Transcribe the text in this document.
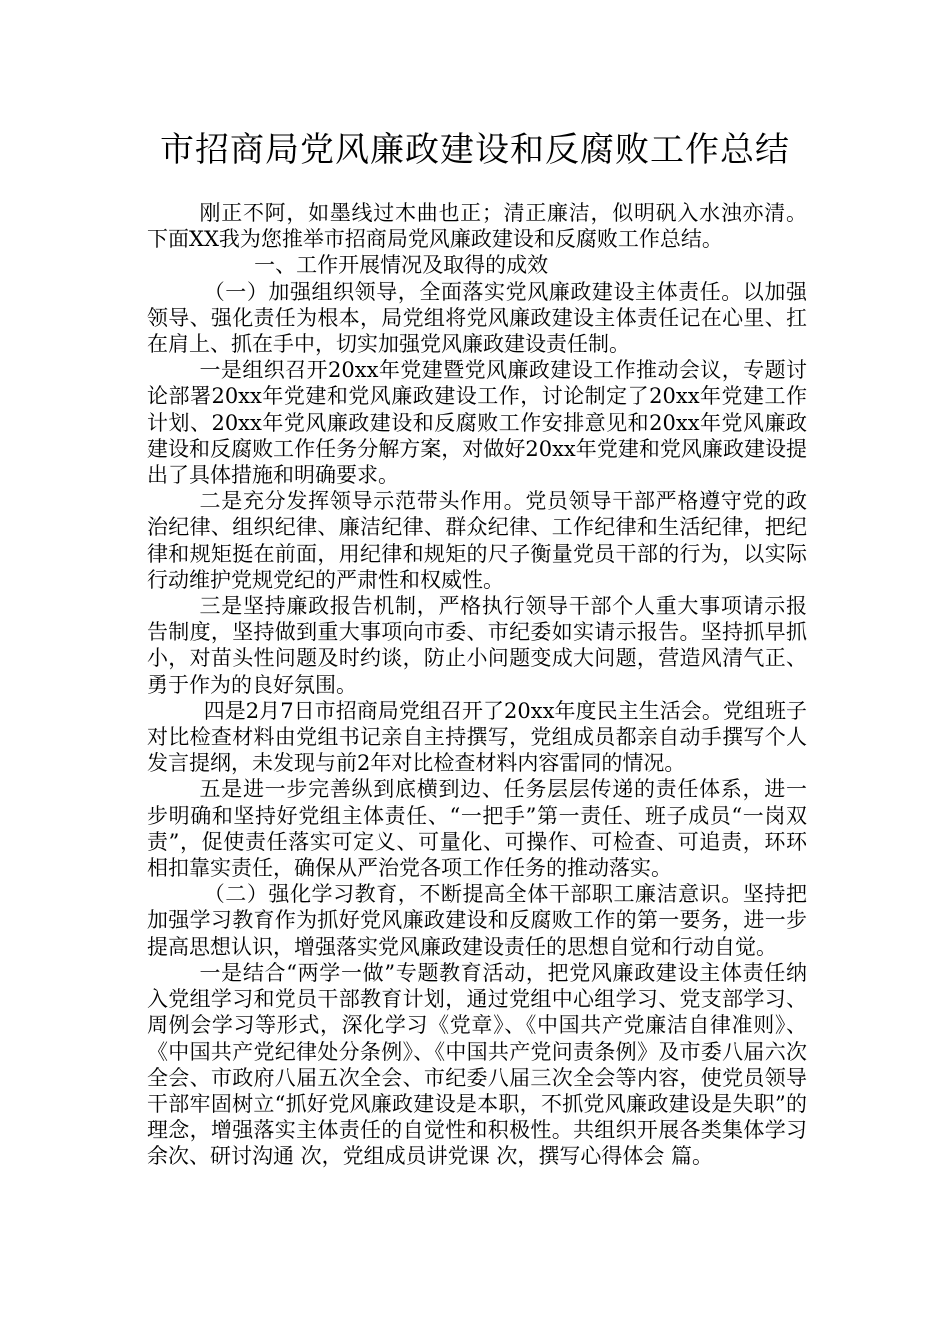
市招商局党风廉政建设和反腐败工作总结

刚正不阿，如墨线过木曲也正；清正廉洁，似明矾入水浊亦清。下面XX我为您推举市招商局党风廉政建设和反腐败工作总结。

一、工作开展情况及取得的成效

（一）加强组织领导，全面落实党风廉政建设主体责任。以加强领导、强化责任为根本，局党组将党风廉政建设主体责任记在心里、扛在肩上、抓在手中，切实加强党风廉政建设责任制。

一是组织召开20xx年党建暨党风廉政建设工作推动会议，专题讨论部署20xx年党建和党风廉政建设工作，讨论制定了20xx年党建工作计划、20xx年党风廉政建设和反腐败工作安排意见和20xx年党风廉政建设和反腐败工作任务分解方案，对做好20xx年党建和党风廉政建设提出了具体措施和明确要求。

二是充分发挥领导示范带头作用。党员领导干部严格遵守党的政治纪律、组织纪律、廉洁纪律、群众纪律、工作纪律和生活纪律，把纪律和规矩挺在前面，用纪律和规矩的尺子衡量党员干部的行为，以实际行动维护党规党纪的严肃性和权威性。

三是坚持廉政报告机制，严格执行领导干部个人重大事项请示报告制度，坚持做到重大事项向市委、市纪委如实请示报告。坚持抓早抓小，对苗头性问题及时约谈，防止小问题变成大问题，营造风清气正、勇于作为的良好氛围。

四是2月7日市招商局党组召开了20xx年度民主生活会。党组班子对比检查材料由党组书记亲自主持撰写，党组成员都亲自动手撰写个人发言提纲，未发现与前2年对比检查材料内容雷同的情况。

五是进一步完善纵到底横到边、任务层层传递的责任体系，进一步明确和坚持好党组主体责任、“一把手”第一责任、班子成员“一岗双责”，促使责任落实可定义、可量化、可操作、可检查、可追责，环环相扣靠实责任，确保从严治党各项工作任务的推动落实。

（二）强化学习教育，不断提高全体干部职工廉洁意识。坚持把加强学习教育作为抓好党风廉政建设和反腐败工作的第一要务，进一步提高思想认识，增强落实党风廉政建设责任的思想自觉和行动自觉。

一是结合“两学一做”专题教育活动，把党风廉政建设主体责任纳入党组学习和党员干部教育计划，通过党组中心组学习、党支部学习、周例会学习等形式，深化学习《党章》、《中国共产党廉洁自律准则》、《中国共产党纪律处分条例》、《中国共产党问责条例》及市委八届六次全会、市政府八届五次全会、市纪委八届三次全会等内容，使党员领导干部牢固树立“抓好党风廉政建设是本职，不抓党风廉政建设是失职”的理念，增强落实主体责任的自觉性和积极性。共组织开展各类集体学习 余次、研讨沟通 次，党组成员讲党课 次，撰写心得体会 篇。
